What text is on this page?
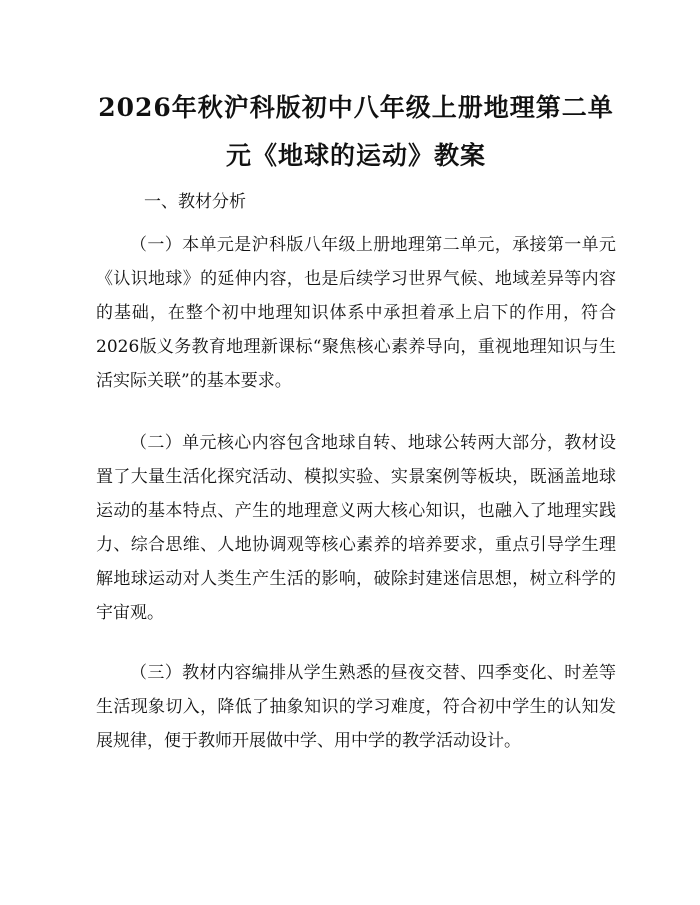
2026年秋沪科版初中八年级上册地理第二单
元《地球的运动》教案
一、教材分析

（一）本单元是沪科版八年级上册地理第二单元，承接第一单元《认识地球》的延伸内容，也是后续学习世界气候、地域差异等内容的基础，在整个初中地理知识体系中承担着承上启下的作用，符合2026版义务教育地理新课标“聚焦核心素养导向，重视地理知识与生活实际关联”的基本要求。

（二）单元核心内容包含地球自转、地球公转两大部分，教材设置了大量生活化探究活动、模拟实验、实景案例等板块，既涵盖地球运动的基本特点、产生的地理意义两大核心知识，也融入了地理实践力、综合思维、人地协调观等核心素养的培养要求，重点引导学生理解地球运动对人类生产生活的影响，破除封建迷信思想，树立科学的宇宙观。

（三）教材内容编排从学生熟悉的昼夜交替、四季变化、时差等生活现象切入，降低了抽象知识的学习难度，符合初中学生的认知发展规律，便于教师开展做中学、用中学的教学活动设计。
